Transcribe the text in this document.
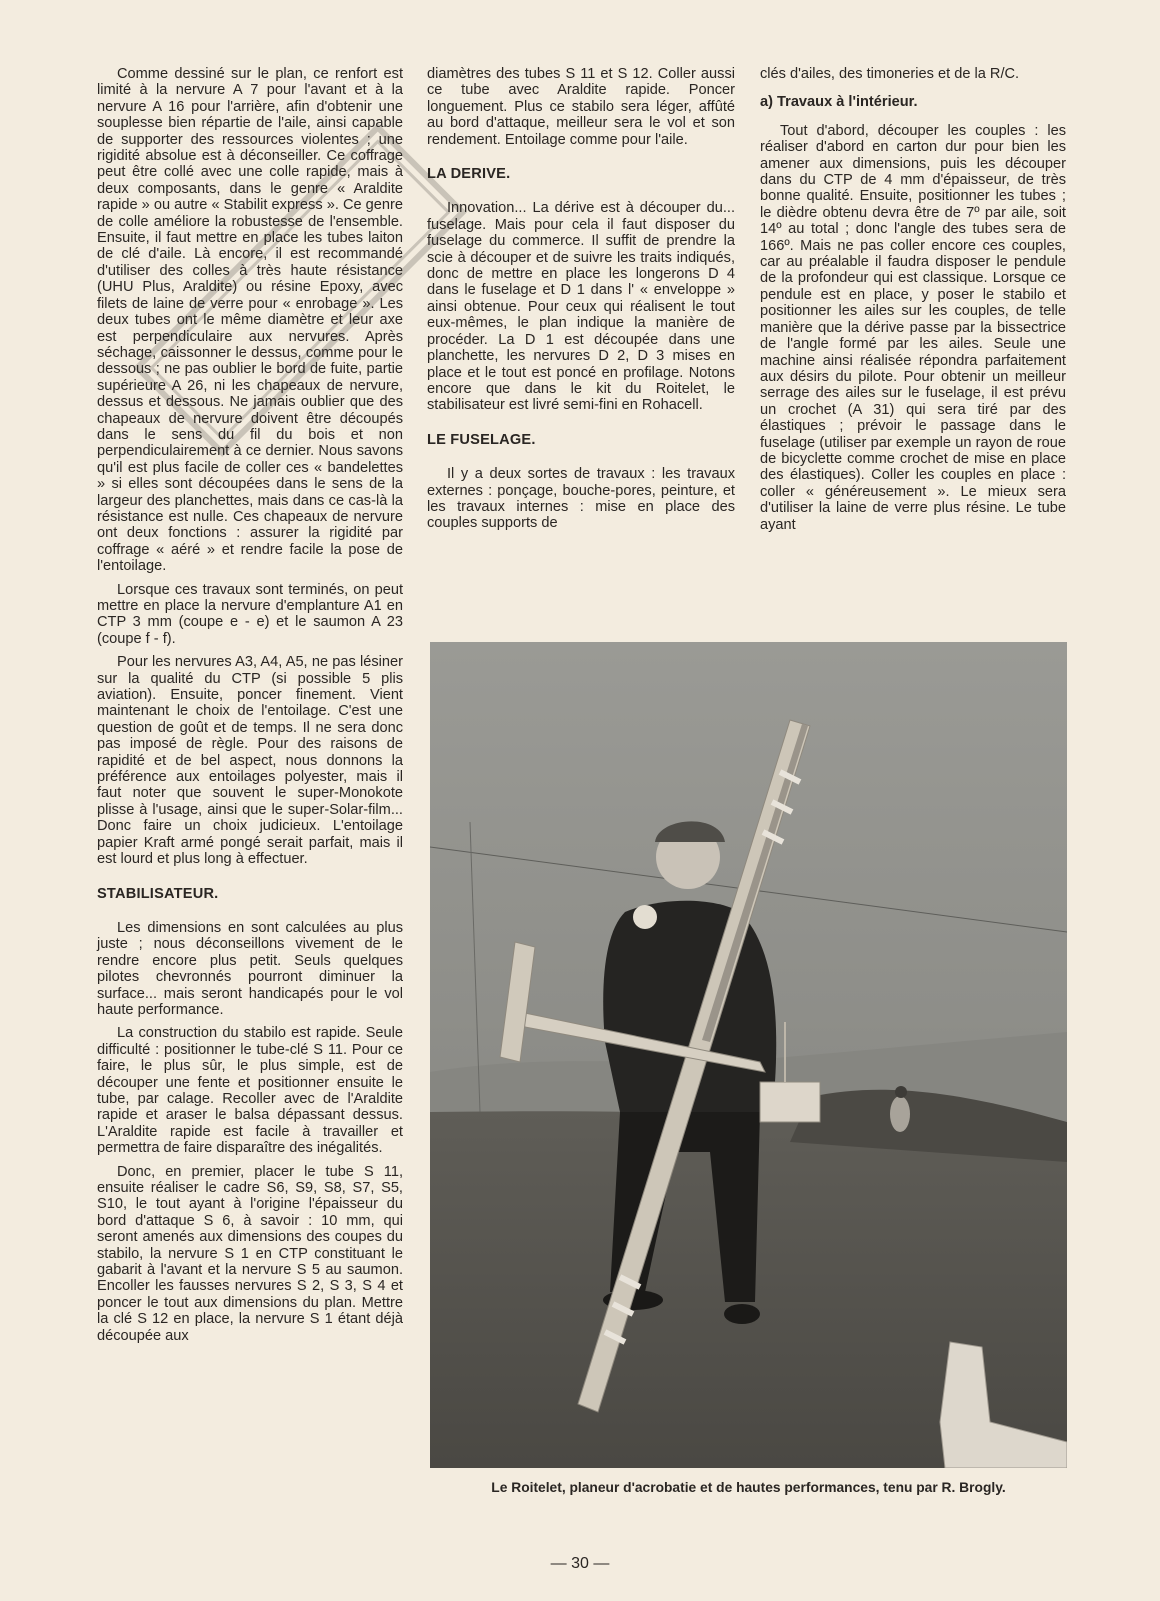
Comme dessiné sur le plan, ce renfort est limité à la nervure A 7 pour l'avant et à la nervure A 16 pour l'arrière, afin d'obtenir une souplesse bien répartie de l'aile, ainsi capable de supporter des ressources violentes ; une rigidité absolue est à déconseiller. Ce coffrage peut être collé avec une colle rapide, mais à deux composants, dans le genre « Araldite rapide » ou autre « Stabilit express ». Ce genre de colle améliore la robustesse de l'ensemble. Ensuite, il faut mettre en place les tubes laiton de clé d'aile. Là encore, il est recommandé d'utiliser des colles à très haute résistance (UHU Plus, Araldite) ou résine Epoxy, avec filets de laine de verre pour « enrobage ». Les deux tubes ont le même diamètre et leur axe est perpendiculaire aux nervures. Après séchage, caissonner le dessus, comme pour le dessous ; ne pas oublier le bord de fuite, partie supérieure A 26, ni les chapeaux de nervure, dessus et dessous. Ne jamais oublier que des chapeaux de nervure doivent être découpés dans le sens du fil du bois et non perpendiculairement à ce dernier. Nous savons qu'il est plus facile de coller ces « bandelettes » si elles sont découpées dans le sens de la largeur des planchettes, mais dans ce cas-là la résistance est nulle. Ces chapeaux de nervure ont deux fonctions : assurer la rigidité par coffrage « aéré » et rendre facile la pose de l'entoilage.

Lorsque ces travaux sont terminés, on peut mettre en place la nervure d'emplanture A1 en CTP 3 mm (coupe e - e) et le saumon A 23 (coupe f - f).

Pour les nervures A3, A4, A5, ne pas lésiner sur la qualité du CTP (si possible 5 plis aviation). Ensuite, poncer finement. Vient maintenant le choix de l'entoilage. C'est une question de goût et de temps. Il ne sera donc pas imposé de règle. Pour des raisons de rapidité et de bel aspect, nous donnons la préférence aux entoilages polyester, mais il faut noter que souvent le super-Monokote plisse à l'usage, ainsi que le super-Solar-film... Donc faire un choix judicieux. L'entoilage papier Kraft armé pongé serait parfait, mais il est lourd et plus long à effectuer.

STABILISATEUR.

Les dimensions en sont calculées au plus juste ; nous déconseillons vivement de le rendre encore plus petit. Seuls quelques pilotes chevronnés pourront diminuer la surface... mais seront handicapés pour le vol haute performance.

La construction du stabilo est rapide. Seule difficulté : positionner le tube-clé S 11. Pour ce faire, le plus sûr, le plus simple, est de découper une fente et positionner ensuite le tube, par calage. Recoller avec de l'Araldite rapide et araser le balsa dépassant dessus. L'Araldite rapide est facile à travailler et permettra de faire disparaître des inégalités.

Donc, en premier, placer le tube S 11, ensuite réaliser le cadre S6, S9, S8, S7, S5, S10, le tout ayant à l'origine l'épaisseur du bord d'attaque S 6, à savoir : 10 mm, qui seront amenés aux dimensions des coupes du stabilo, la nervure S 1 en CTP constituant le gabarit à l'avant et la nervure S 5 au saumon. Encoller les fausses nervures S 2, S 3, S 4 et poncer le tout aux dimensions du plan. Mettre la clé S 12 en place, la nervure S 1 étant déjà découpée aux

diamètres des tubes S 11 et S 12. Coller aussi ce tube avec Araldite rapide. Poncer longuement. Plus ce stabilo sera léger, affûté au bord d'attaque, meilleur sera le vol et son rendement. Entoilage comme pour l'aile.

LA DERIVE.

Innovation... La dérive est à découper du... fuselage. Mais pour cela il faut disposer du fuselage du commerce. Il suffit de prendre la scie à découper et de suivre les traits indiqués, donc de mettre en place les longerons D 4 dans le fuselage et D 1 dans l' « enveloppe » ainsi obtenue. Pour ceux qui réalisent le tout eux-mêmes, le plan indique la manière de procéder. La D 1 est découpée dans une planchette, les nervures D 2, D 3 mises en place et le tout est poncé en profilage. Notons encore que dans le kit du Roitelet, le stabilisateur est livré semi-fini en Rohacell.

LE FUSELAGE.

Il y a deux sortes de travaux : les travaux externes : ponçage, bouche-pores, peinture, et les travaux internes : mise en place des couples supports de

clés d'ailes, des timoneries et de la R/C.

a) Travaux à l'intérieur.

Tout d'abord, découper les couples : les réaliser d'abord en carton dur pour bien les amener aux dimensions, puis les découper dans du CTP de 4 mm d'épaisseur, de très bonne qualité. Ensuite, positionner les tubes ; le dièdre obtenu devra être de 7º par aile, soit 14º au total ; donc l'angle des tubes sera de 166º. Mais ne pas coller encore ces couples, car au préalable il faudra disposer le pendule de la profondeur qui est classique. Lorsque ce pendule est en place, y poser le stabilo et positionner les ailes sur les couples, de telle manière que la dérive passe par la bissectrice de l'angle formé par les ailes. Seule une machine ainsi réalisée répondra parfaitement aux désirs du pilote. Pour obtenir un meilleur serrage des ailes sur le fuselage, il est prévu un crochet (A 31) qui sera tiré par des élastiques ; prévoir le passage dans le fuselage (utiliser par exemple un rayon de roue de bicyclette comme crochet de mise en place des élastiques). Coller les couples en place : coller « généreusement ». Le mieux sera d'utiliser la laine de verre plus résine. Le tube ayant

Le Roitelet, planeur d'acrobatie et de hautes performances, tenu par R. Brogly.
— 30 —
